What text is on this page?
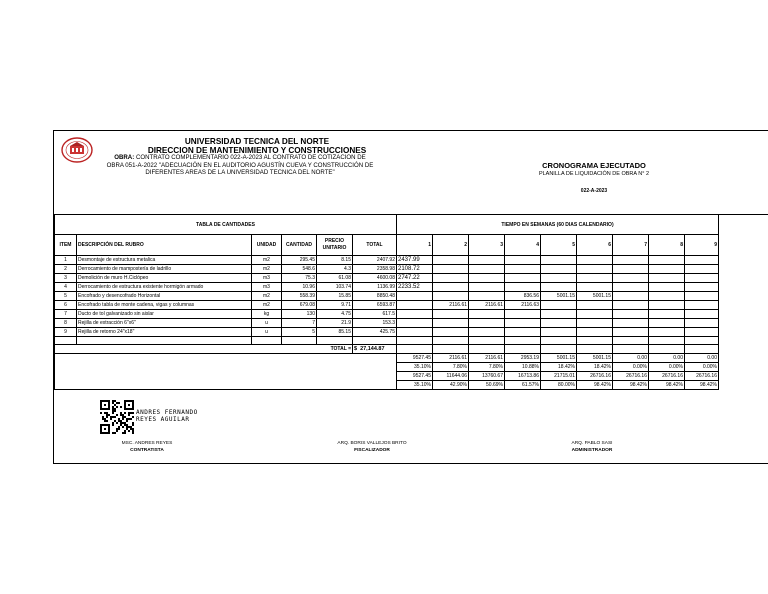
UNIVERSIDAD TECNICA DEL NORTE
DIRECCION DE MANTENIMIENTO Y CONSTRUCCIONES
OBRA: CONTRATO COMPLEMENTARIO 022-A-2023 AL CONTRATO DE COTIZACION DE
OBRA 051-A-2022 "ADECUACIÓN EN EL AUDITORIO AGUSTÍN CUEVA Y CONSTRUCCIÓN DE
DIFERENTES AREAS DE LA UNIVERSIDAD TECNICA DEL NORTE"
CRONOGRAMA EJECUTADO
PLANILLA DE LIQUIDACIÓN DE OBRA N° 2
022-A-2023
TABLA DE CANTIDADES						TIEMPO EN SEMANAS (60 DIAS CALENDARIO)								
ITEM	DESCRIPCIÓN DEL RUBRO	UNIDAD	CANTIDAD	PRECIO UNITARIO	TOTAL	1	2	3	4	5	6	7	8	9
1	Desmontaje de estructura metalica	m2	295.45	8.15	2407.92	2437.99								
2	Derrocamiento de mampostería de ladrillo	m2	548.6	4.3	2358.98	2108.72								
3	Demolición de muro H.Ciclópeo	m3	75.3	61.08	4600.08	2747.22								
4	Derrocamiento de estructura existente hormigón armado	m3	10.96	103.74	1136.99	2233.52								
5	Encofrado y desencofrado Horizontal	m2	558.39	15.85	8850.48				836.56	5001.15	5001.15			
6	Encofrado tabla de monte cadena, vigas y columnas	m2	679.08	9.71	6593.87		2116.61	2116.61	2116.63					
7	Ducto de tol galvanizado sin aislar	kg	130	4.75	617.5									
8	Rejilla de extracción 6"x6"	u	7	21.9	153.3									
9	Rejilla de retorno 24"x18"	u	5	85.15	425.75									

TOTAL =					$ 27,144.87									
						9527.45	2116.61	2116.61	2953.19	5001.15	5001.15	0.00	0.00	0.00
						35.10%	7.80%	7.80%	10.88%	18.42%	18.42%	0.00%	0.00%	0.00%
						9527.45	11644.06	13760.67	16713.86	21715.01	26716.16	26716.16	26716.16	26716.16
						35.10%	42.90%	50.69%	61.57%	80.00%	98.42%	98.42%	98.42%	98.42%
ANDRES FERNANDO
REYES AGUILAR
MSC. ANDRES REYES
CONTRATISTA
ARQ. BORIS VALLEJOS BRITO
FISCALIZADOR
ARQ. PABLO SASI
ADMINISTRADOR
